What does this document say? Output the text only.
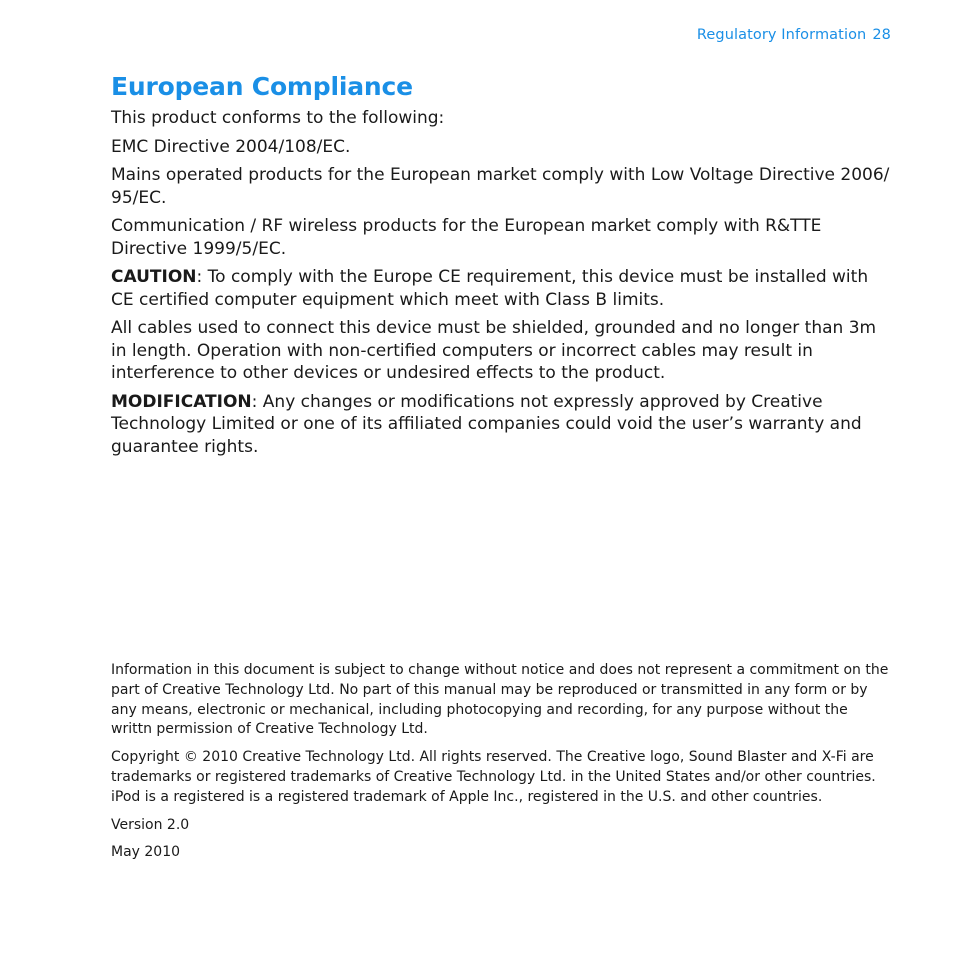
Regulatory Information 28
European Compliance

This product conforms to the following:

EMC Directive 2004/108/EC.

Mains operated products for the European market comply with Low Voltage Directive 2006/ 95/EC.

Communication / RF wireless products for the European market comply with R&TTE Directive 1999/5/EC.

CAUTION: To comply with the Europe CE requirement, this device must be installed with CE certified computer equipment which meet with Class B limits.

All cables used to connect this device must be shielded, grounded and no longer than 3m in length. Operation with non-certified computers or incorrect cables may result in interference to other devices or undesired effects to the product.

MODIFICATION: Any changes or modifications not expressly approved by Creative Technology Limited or one of its affiliated companies could void the user’s warranty and guarantee rights.

Information in this document is subject to change without notice and does not represent a commitment on the part of Creative Technology Ltd. No part of this manual may be reproduced or transmitted in any form or by any means, electronic or mechanical, including photocopying and recording, for any purpose without the writtn permission of Creative Technology Ltd.

Copyright © 2010 Creative Technology Ltd. All rights reserved. The Creative logo, Sound Blaster and X-Fi are trademarks or registered trademarks of Creative Technology Ltd. in the United States and/or other countries. iPod is a registered is a registered trademark of Apple Inc., registered in the U.S. and other countries.

Version 2.0

May 2010
